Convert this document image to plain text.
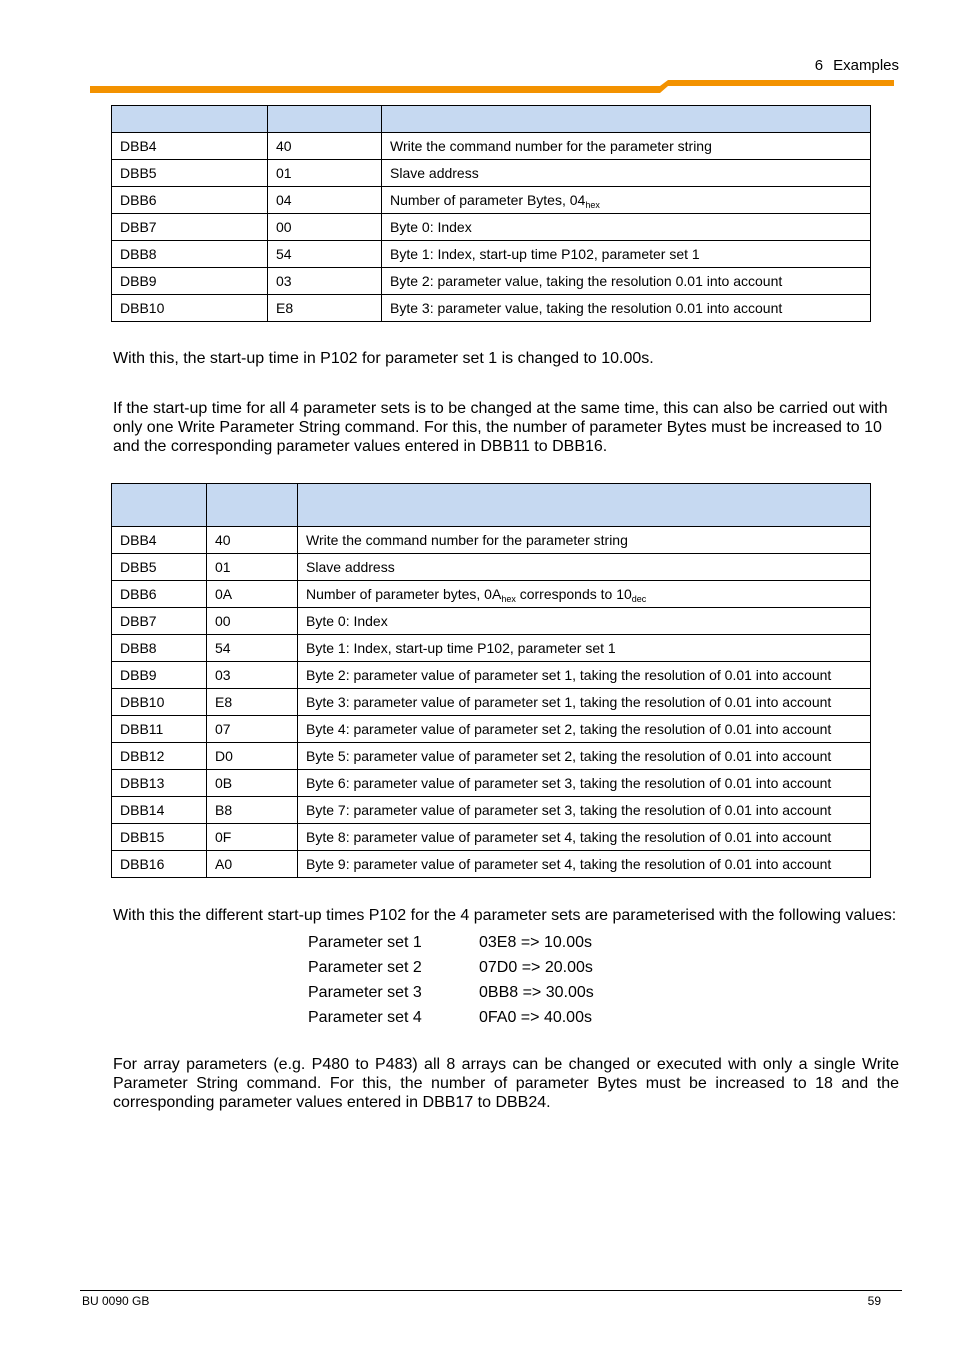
6 Examples

DBB4	40	Write the command number for the parameter string
DBB5	01	Slave address
DBB6	04	Number of parameter Bytes, $04_{hex}$
DBB7	00	Byte 0: Index
DBB8	54	Byte 1: Index, start-up time P102, parameter set 1
DBB9	03	Byte 2: parameter value, taking the resolution 0.01 into account
DBB10	E8	Byte 3: parameter value, taking the resolution 0.01 into account

With this, the start-up time in P102 for parameter set 1 is changed to 10.00s.

If the start-up time for all 4 parameter sets is to be changed at the same time, this can also be carried out with only one Write Parameter String command. For this, the number of parameter Bytes must be increased to 10 and the corresponding parameter values entered in DBB11 to DBB16.

DBB4	40	Write the command number for the parameter string
DBB5	01	Slave address
DBB6	0A	Number of parameter bytes, $0A_{hex}$ corresponds to $10_{dec}$
DBB7	00	Byte 0: Index
DBB8	54	Byte 1: Index, start-up time P102, parameter set 1
DBB9	03	Byte 2: parameter value of parameter set 1, taking the resolution of 0.01 into account
DBB10	E8	Byte 3: parameter value of parameter set 1, taking the resolution of 0.01 into account
DBB11	07	Byte 4: parameter value of parameter set 2, taking the resolution of 0.01 into account
DBB12	D0	Byte 5: parameter value of parameter set 2, taking the resolution of 0.01 into account
DBB13	0B	Byte 6: parameter value of parameter set 3, taking the resolution of 0.01 into account
DBB14	B8	Byte 7: parameter value of parameter set 3, taking the resolution of 0.01 into account
DBB15	0F	Byte 8: parameter value of parameter set 4, taking the resolution of 0.01 into account
DBB16	A0	Byte 9: parameter value of parameter set 4, taking the resolution of 0.01 into account

With this the different start-up times P102 for the 4 parameter sets are parameterised with the following values:

Parameter set 1	03E8 => 10.00s
Parameter set 2	07D0 => 20.00s
Parameter set 3	0BB8 => 30.00s
Parameter set 4	0FA0 => 40.00s

For array parameters (e.g. P480 to P483) all 8 arrays can be changed or executed with only a single Write Parameter String command. For this, the number of parameter Bytes must be increased to 18 and the corresponding parameter values entered in DBB17 to DBB24.

BU 0090 GB	59
